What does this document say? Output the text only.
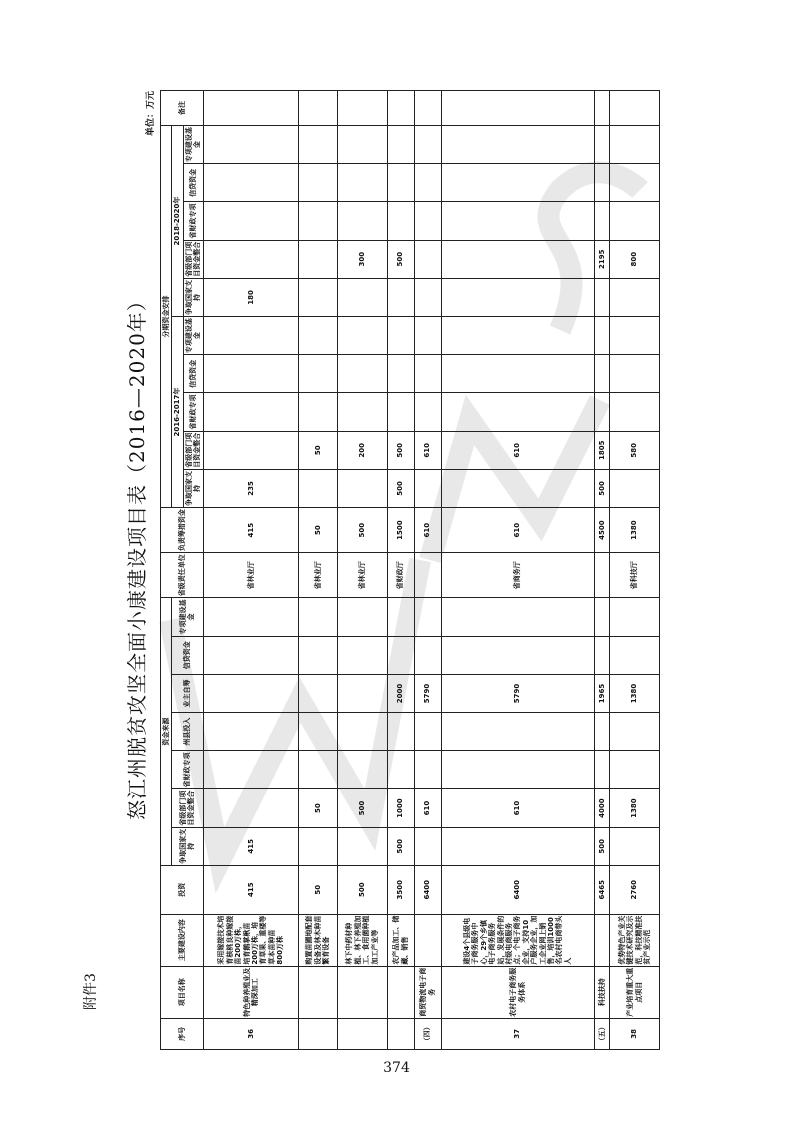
附件3
怒江州脱贫攻坚全面小康建设项目表（2016—2020年）
单位：万元
序号	项目名称	主要建设内容	投资	资金来源							省级责任单位	负责筹措资金	分期资金安排										备注
				争取国家支持	省级部门项目资金整合	省财政专项	州县投入	业主自筹	信贷资金	专项建设基金			2016-2017年					2018-2020年					
													争取国家支持	省级部门项目资金整合	省财政专项	信贷资金	专项建设基金	争取国家支持	省级部门项目资金整合	省财政专项	信贷资金	专项建设基金	
36	特色种养殖业及精深加工	采用嫁接技术培育核桃良种嫁接苗200万株，培育鹅掌楸苗200万株，培育草果、重楼等草本苗种苗800万株	415	415							省林业厅	415	235					180					
		购置苗圃地配套设备及林木种苗繁育设备	50		50						省林业厅	50		50									
		林下中药材种植、林下养殖加工、食用菌种植加工产业等	500		500						省林业厅	500		200					300				
		农产品加工、储藏、销售	3500	500	1000			2000			省财政厅	1500	500	500					500				
（四）	商贸物流电子商务		6400		610			5790				610		610									
37	农村电子商务服务体系	建设4个县级电子商务服务中心，29个乡镇电子商务服务站，发展条件的村级电商服务点；个电子商务企业，支持10户服务企业，加工企业网上销售，培训1000名农村电商带头人	6400		610			5790			省商务厅	610		610									
（五）	科技扶持		6465	500	4000			1965				4500	500	1805					2195				
38	产业培育重大重点项目	优势特色产业关键技术研究及示范，科技精准扶贫产业示范	2760		1380			1380			省科技厅	1380		580					800				
374
